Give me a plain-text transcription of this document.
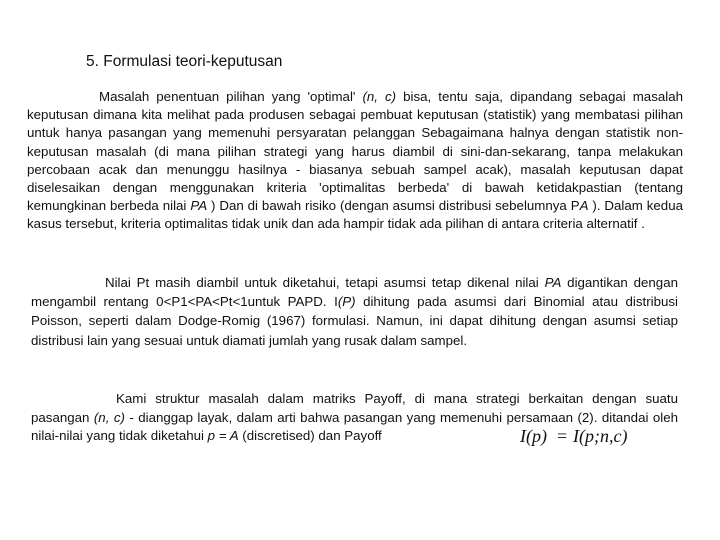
5. Formulasi teori-keputusan

Masalah penentuan pilihan yang 'optimal' (n, c) bisa, tentu saja, dipandang sebagai masalah keputusan dimana kita melihat pada produsen sebagai pembuat keputusan (statistik) yang membatasi pilihan untuk hanya pasangan yang memenuhi persyaratan pelanggan Sebagaimana halnya dengan statistik non-keputusan masalah (di mana pilihan strategi yang harus diambil di sini-dan-sekarang, tanpa melakukan percobaan acak dan menunggu hasilnya - biasanya sebuah sampel acak), masalah keputusan dapat diselesaikan dengan menggunakan kriteria 'optimalitas berbeda' di bawah ketidakpastian (tentang kemungkinan berbeda nilai PA ) Dan di bawah risiko (dengan asumsi distribusi sebelumnya PA ). Dalam kedua kasus tersebut, kriteria optimalitas tidak unik dan ada hampir tidak ada pilihan di antara criteria alternatif .

Nilai Pt masih diambil untuk diketahui, tetapi asumsi tetap dikenal nilai PA digantikan dengan mengambil rentang 0<P1<PA<Pt<1untuk PAPD. I(P) dihitung pada asumsi dari Binomial atau distribusi Poisson, seperti dalam Dodge-Romig (1967) formulasi. Namun, ini dapat dihitung dengan asumsi setiap distribusi lain yang sesuai untuk diamati jumlah yang rusak dalam sampel.

Kami struktur masalah dalam matriks Payoff, di mana strategi berkaitan dengan suatu pasangan (n, c) - dianggap layak, dalam arti bahwa pasangan yang memenuhi persamaan (2). ditandai oleh nilai-nilai yang tidak diketahui p = A (discretised) dan Payoff	I(p) = I(p;n,c)
